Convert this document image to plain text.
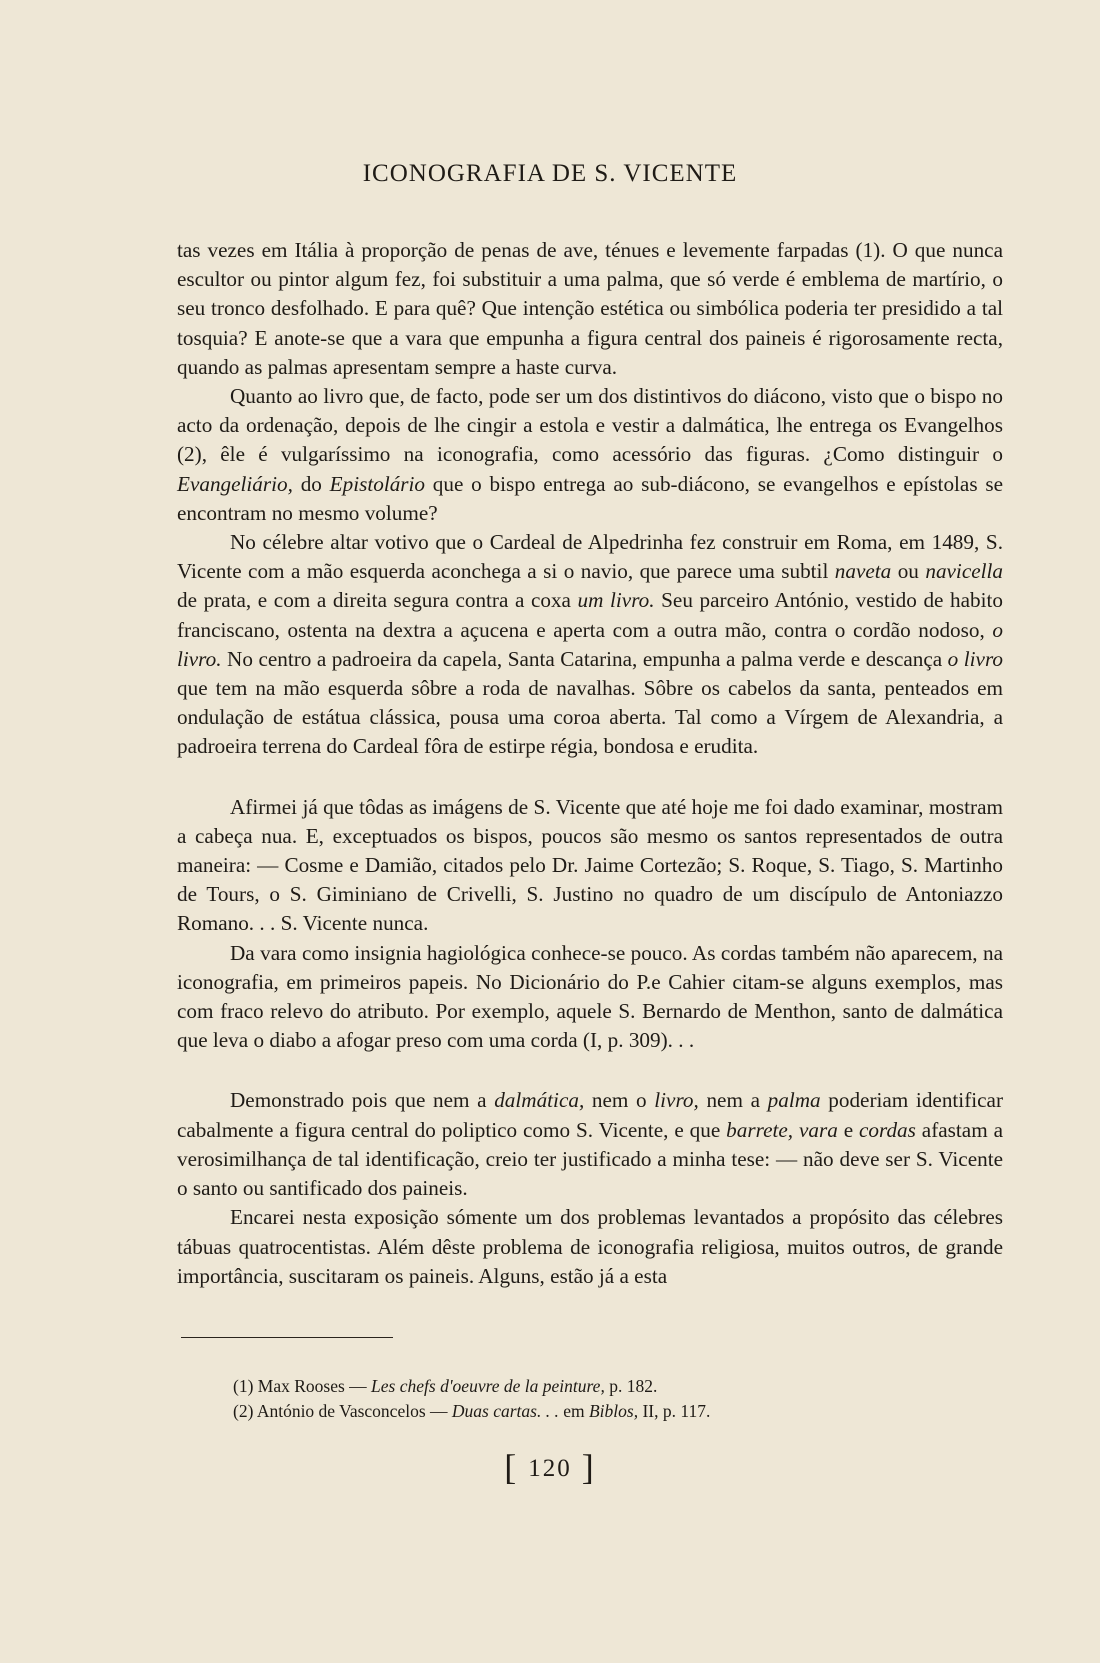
ICONOGRAFIA DE S. VICENTE

tas vezes em Itália à proporção de penas de ave, ténues e levemente farpadas (1). O que nunca escultor ou pintor algum fez, foi substituir a uma palma, que só verde é emblema de martírio, o seu tronco desfolhado. E para quê? Que intenção estética ou simbólica poderia ter presidido a tal tosquia? E anote-se que a vara que empunha a figura central dos paineis é rigorosamente recta, quando as palmas apresentam sempre a haste curva.

Quanto ao livro que, de facto, pode ser um dos distintivos do diácono, visto que o bispo no acto da ordenação, depois de lhe cingir a estola e vestir a dalmática, lhe entrega os Evangelhos (2), êle é vulgaríssimo na iconografia, como acessório das figuras. ¿Como distinguir o Evangeliário, do Epistolário que o bispo entrega ao sub-diácono, se evangelhos e epístolas se encontram no mesmo volume?

No célebre altar votivo que o Cardeal de Alpedrinha fez construir em Roma, em 1489, S. Vicente com a mão esquerda aconchega a si o navio, que parece uma subtil naveta ou navicella de prata, e com a direita segura contra a coxa um livro. Seu parceiro António, vestido de habito franciscano, ostenta na dextra a açucena e aperta com a outra mão, contra o cordão nodoso, o livro. No centro a padroeira da capela, Santa Catarina, empunha a palma verde e descança o livro que tem na mão esquerda sôbre a roda de navalhas. Sôbre os cabelos da santa, penteados em ondulação de estátua clássica, pousa uma coroa aberta. Tal como a Vírgem de Alexandria, a padroeira terrena do Cardeal fôra de estirpe régia, bondosa e erudita.

Afirmei já que tôdas as imágens de S. Vicente que até hoje me foi dado examinar, mostram a cabeça nua. E, exceptuados os bispos, poucos são mesmo os santos representados de outra maneira: — Cosme e Damião, citados pelo Dr. Jaime Cortezão; S. Roque, S. Tiago, S. Martinho de Tours, o S. Giminiano de Crivelli, S. Justino no quadro de um discípulo de Antoniazzo Romano. . . S. Vicente nunca.

Da vara como insignia hagiológica conhece-se pouco. As cordas também não aparecem, na iconografia, em primeiros papeis. No Dicionário do P.e Cahier citam-se alguns exemplos, mas com fraco relevo do atributo. Por exemplo, aquele S. Bernardo de Menthon, santo de dalmática que leva o diabo a afogar preso com uma corda (I, p. 309). . .

Demonstrado pois que nem a dalmática, nem o livro, nem a palma poderiam identificar cabalmente a figura central do poliptico como S. Vicente, e que barrete, vara e cordas afastam a verosimilhança de tal identificação, creio ter justificado a minha tese: — não deve ser S. Vicente o santo ou santificado dos paineis.

Encarei nesta exposição sómente um dos problemas levantados a propósito das célebres tábuas quatrocentistas. Além dêste problema de iconografia religiosa, muitos outros, de grande importância, suscitaram os paineis. Alguns, estão já a esta

(1) Max Rooses — Les chefs d'oeuvre de la peinture, p. 182.
(2) António de Vasconcelos — Duas cartas. . . em Biblos, II, p. 117.
[ 120 ]
